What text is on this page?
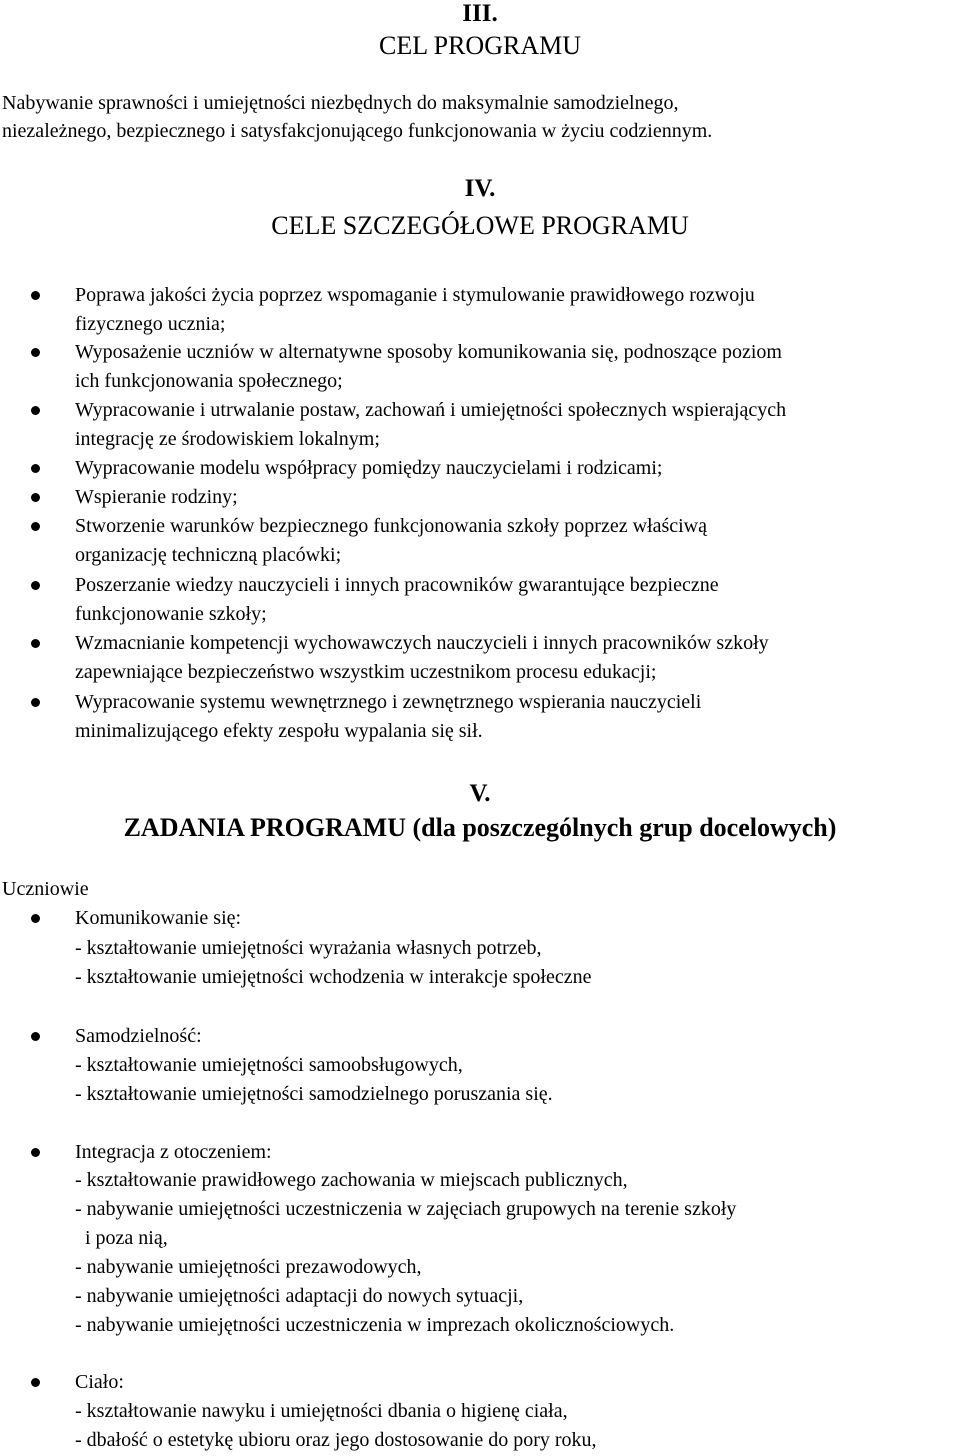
III.
CEL PROGRAMU
Nabywanie sprawności i umiejętności niezbędnych do maksymalnie samodzielnego,
niezależnego, bezpiecznego i satysfakcjonującego funkcjonowania w życiu codziennym.
IV.
CELE SZCZEGÓŁOWE PROGRAMU
Poprawa jakości życia poprzez wspomaganie i stymulowanie prawidłowego rozwoju
fizycznego ucznia;
Wyposażenie uczniów w alternatywne sposoby komunikowania się, podnoszące poziom
ich funkcjonowania społecznego;
Wypracowanie i utrwalanie postaw, zachowań i umiejętności społecznych wspierających
integrację ze środowiskiem lokalnym;
Wypracowanie modelu współpracy pomiędzy nauczycielami i rodzicami;
Wspieranie rodziny;
Stworzenie warunków bezpiecznego funkcjonowania szkoły poprzez właściwą
organizację techniczną placówki;
Poszerzanie wiedzy nauczycieli i innych pracowników gwarantujące bezpieczne
funkcjonowanie szkoły;
Wzmacnianie kompetencji wychowawczych nauczycieli i innych pracowników szkoły
zapewniające bezpieczeństwo wszystkim uczestnikom procesu edukacji;
Wypracowanie systemu wewnętrznego i zewnętrznego wspierania nauczycieli
minimalizującego efekty zespołu wypalania się sił.
V.
ZADANIA PROGRAMU (dla poszczególnych grup docelowych)
Uczniowie
Komunikowanie się:
- kształtowanie umiejętności wyrażania własnych potrzeb,
- kształtowanie umiejętności wchodzenia w interakcje społeczne
Samodzielność:
- kształtowanie umiejętności samoobsługowych,
- kształtowanie umiejętności samodzielnego poruszania się.
Integracja z otoczeniem:
- kształtowanie prawidłowego zachowania w miejscach publicznych,
- nabywanie umiejętności uczestniczenia w zajęciach grupowych na terenie szkoły
i poza nią,
- nabywanie umiejętności prezawodowych,
- nabywanie umiejętności adaptacji do nowych sytuacji,
- nabywanie umiejętności uczestniczenia w imprezach okolicznościowych.
Ciało:
- kształtowanie nawyku i umiejętności dbania o higienę ciała,
- dbałość o estetykę ubioru oraz jego dostosowanie do pory roku,
